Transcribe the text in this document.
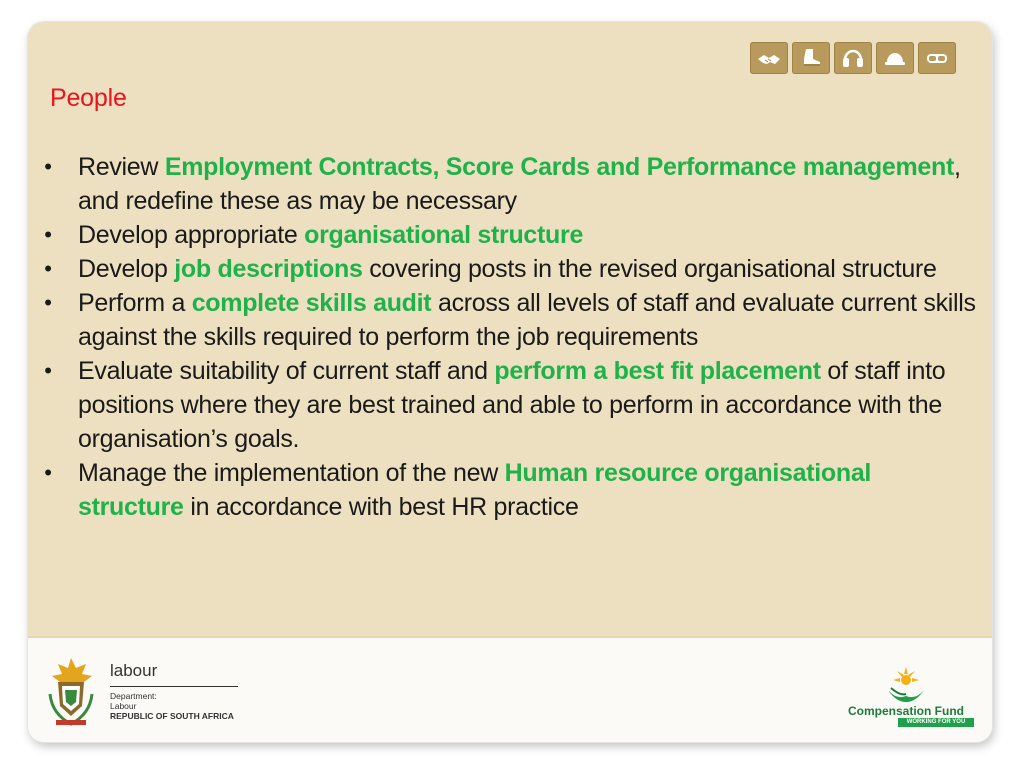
People
• Review Employment Contracts, Score Cards and Performance management, and redefine these as may be necessary
• Develop appropriate organisational structure
• Develop job descriptions covering posts in the revised organisational structure
• Perform a complete skills audit across all levels of staff and evaluate current skills against the skills required to perform the job requirements
• Evaluate suitability of current staff and perform a best fit placement of staff into positions where they are best trained and able to perform in accordance with the organisation’s goals.
• Manage the implementation of the new Human resource organisational structure in accordance with best HR practice
labour
Department:
Labour
REPUBLIC OF SOUTH AFRICA	Compensation Fund
WORKING FOR YOU
